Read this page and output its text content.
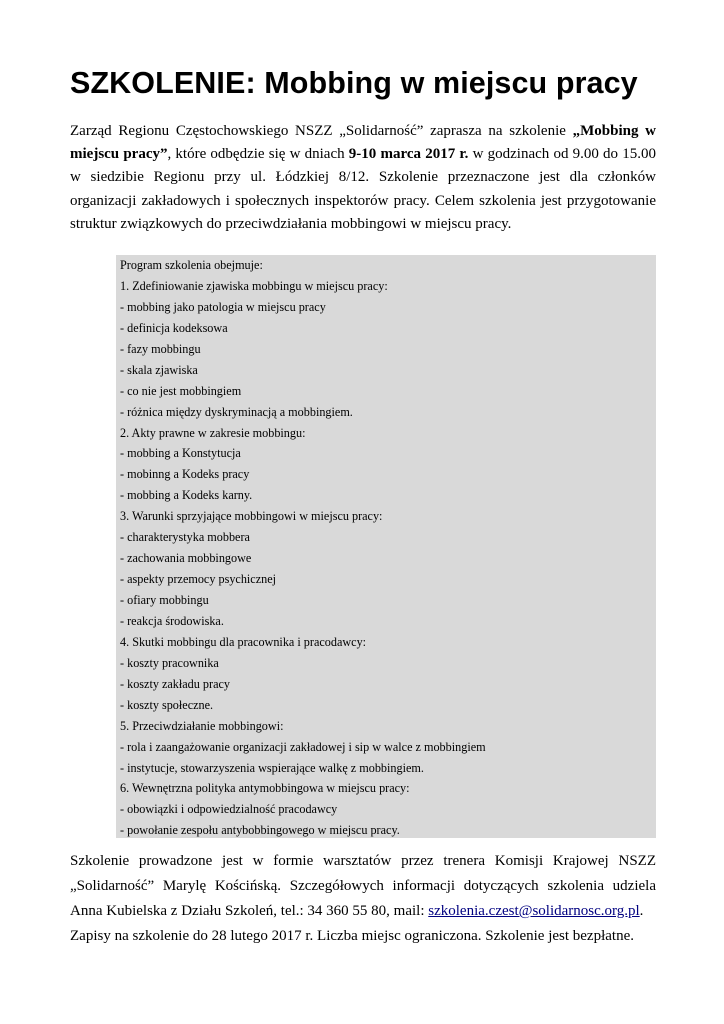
SZKOLENIE: Mobbing w miejscu pracy

Zarząd Regionu Częstochowskiego NSZZ „Solidarność” zaprasza na szkolenie „Mobbing w miejscu pracy”, które odbędzie się w dniach 9-10 marca 2017 r. w godzinach od 9.00 do 15.00 w siedzibie Regionu przy ul. Łódzkiej 8/12. Szkolenie przeznaczone jest dla członków organizacji zakładowych i społecznych inspektorów pracy. Celem szkolenia jest przygotowanie struktur związkowych do przeciwdziałania mobbingowi w miejscu pracy.

Program szkolenia obejmuje:
1. Zdefiniowanie zjawiska mobbingu w miejscu pracy:
- mobbing jako patologia w miejscu pracy
- definicja kodeksowa
- fazy mobbingu
- skala zjawiska
- co nie jest mobbingiem
- różnica między dyskryminacją a mobbingiem.
2. Akty prawne w zakresie mobbingu:
- mobbing a Konstytucja
- mobinng a Kodeks pracy
- mobbing a Kodeks karny.
3. Warunki sprzyjające mobbingowi w miejscu pracy:
- charakterystyka mobbera
- zachowania mobbingowe
- aspekty przemocy psychicznej
- ofiary mobbingu
- reakcja środowiska.
4. Skutki mobbingu dla pracownika i pracodawcy:
- koszty pracownika
- koszty zakładu pracy
- koszty społeczne.
5. Przeciwdziałanie mobbingowi:
- rola i zaangażowanie organizacji zakładowej i sip w walce z mobbingiem
- instytucje, stowarzyszenia wspierające walkę z mobbingiem.
6. Wewnętrzna polityka antymobbingowa w miejscu pracy:
- obowiązki i odpowiedzialność pracodawcy
- powołanie zespołu antybobbingowego w miejscu pracy.

Szkolenie prowadzone jest w formie warsztatów przez trenera Komisji Krajowej NSZZ „Solidarność” Marylę Kościńską. Szczegółowych informacji dotyczących szkolenia udziela Anna Kubielska z Działu Szkoleń, tel.: 34 360 55 80, mail: szkolenia.czest@solidarnosc.org.pl.

Zapisy na szkolenie do 28 lutego 2017 r. Liczba miejsc ograniczona. Szkolenie jest bezpłatne.
